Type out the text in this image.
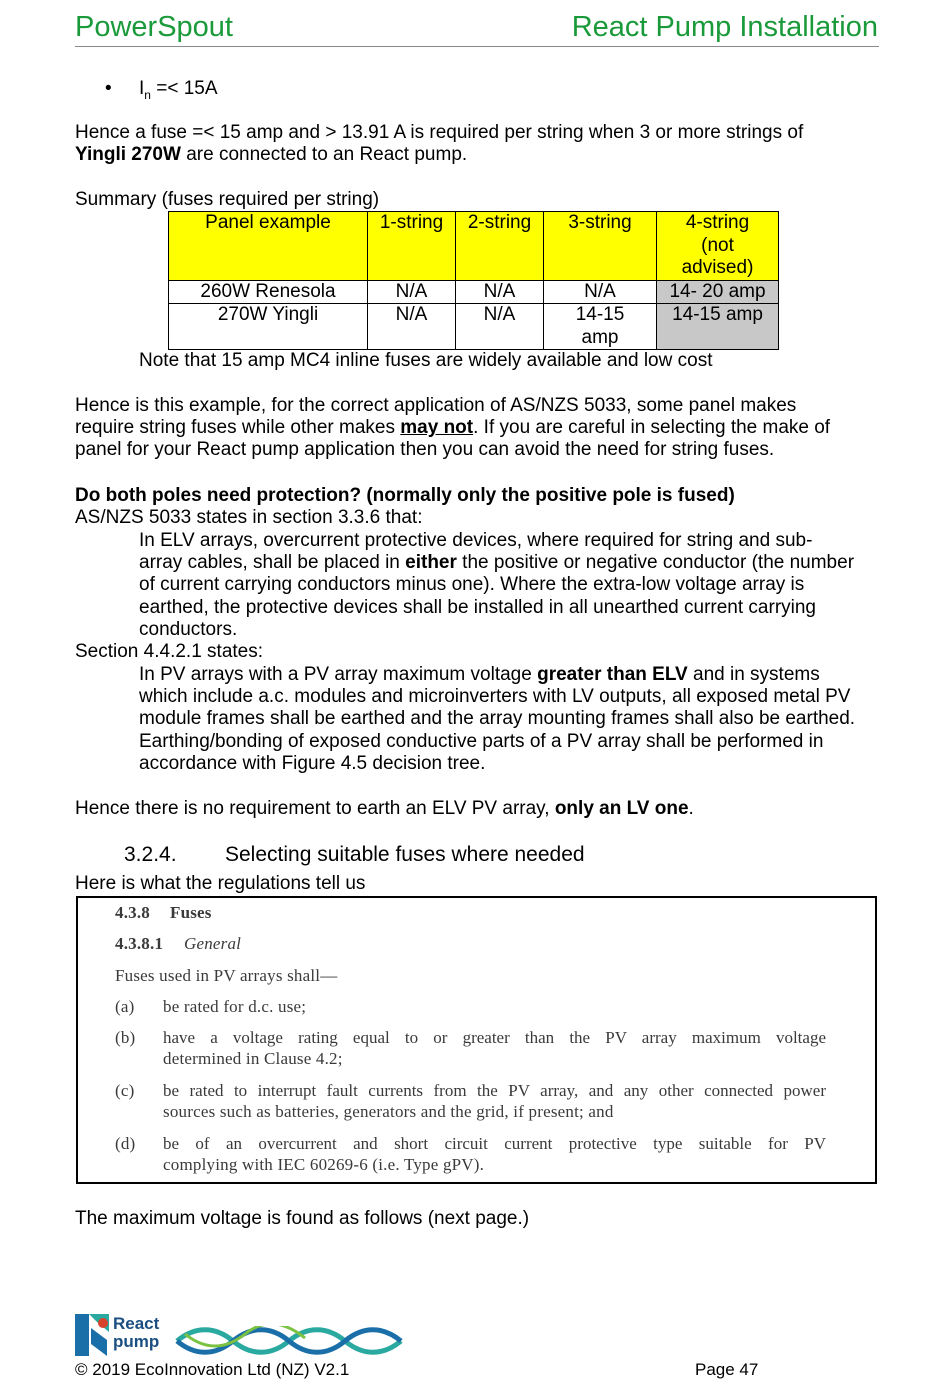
PowerSpout	React Pump Installation
• $I_n =< 15A$
Hence a fuse =< 15 amp and > 13.91 A is required per string when 3 or more strings of
Yingli 270W are connected to an React pump.
Summary (fuses required per string)
Panel example	1-string	2-string	3-string	4-string (not advised)
260W Renesola	N/A	N/A	N/A	14- 20 amp
270W Yingli	N/A	N/A	14-15 amp	14-15 amp
Note that 15 amp MC4 inline fuses are widely available and low cost
Hence is this example, for the correct application of AS/NZS 5033, some panel makes
require string fuses while other makes may not. If you are careful in selecting the make of
panel for your React pump application then you can avoid the need for string fuses.
Do both poles need protection? (normally only the positive pole is fused)
AS/NZS 5033 states in section 3.3.6 that:
In ELV arrays, overcurrent protective devices, where required for string and sub-
array cables, shall be placed in either the positive or negative conductor (the number
of current carrying conductors minus one). Where the extra-low voltage array is
earthed, the protective devices shall be installed in all unearthed current carrying
conductors.
Section 4.4.2.1 states:
In PV arrays with a PV array maximum voltage greater than ELV and in systems
which include a.c. modules and microinverters with LV outputs, all exposed metal PV
module frames shall be earthed and the array mounting frames shall also be earthed.
Earthing/bonding of exposed conductive parts of a PV array shall be performed in
accordance with Figure 4.5 decision tree.
Hence there is no requirement to earth an ELV PV array, only an LV one.
3.2.4. Selecting suitable fuses where needed
Here is what the regulations tell us
4.3.8 Fuses
4.3.8.1 General
Fuses used in PV arrays shall—
(a) be rated for d.c. use;
(b) have a voltage rating equal to or greater than the PV array maximum voltage
determined in Clause 4.2;
(c) be rated to interrupt fault currents from the PV array, and any other connected power
sources such as batteries, generators and the grid, if present; and
(d) be of an overcurrent and short circuit current protective type suitable for PV
complying with IEC 60269-6 (i.e. Type gPV).
The maximum voltage is found as follows (next page.)
React
pump
© 2019 EcoInnovation Ltd (NZ) V2.1	Page 47
